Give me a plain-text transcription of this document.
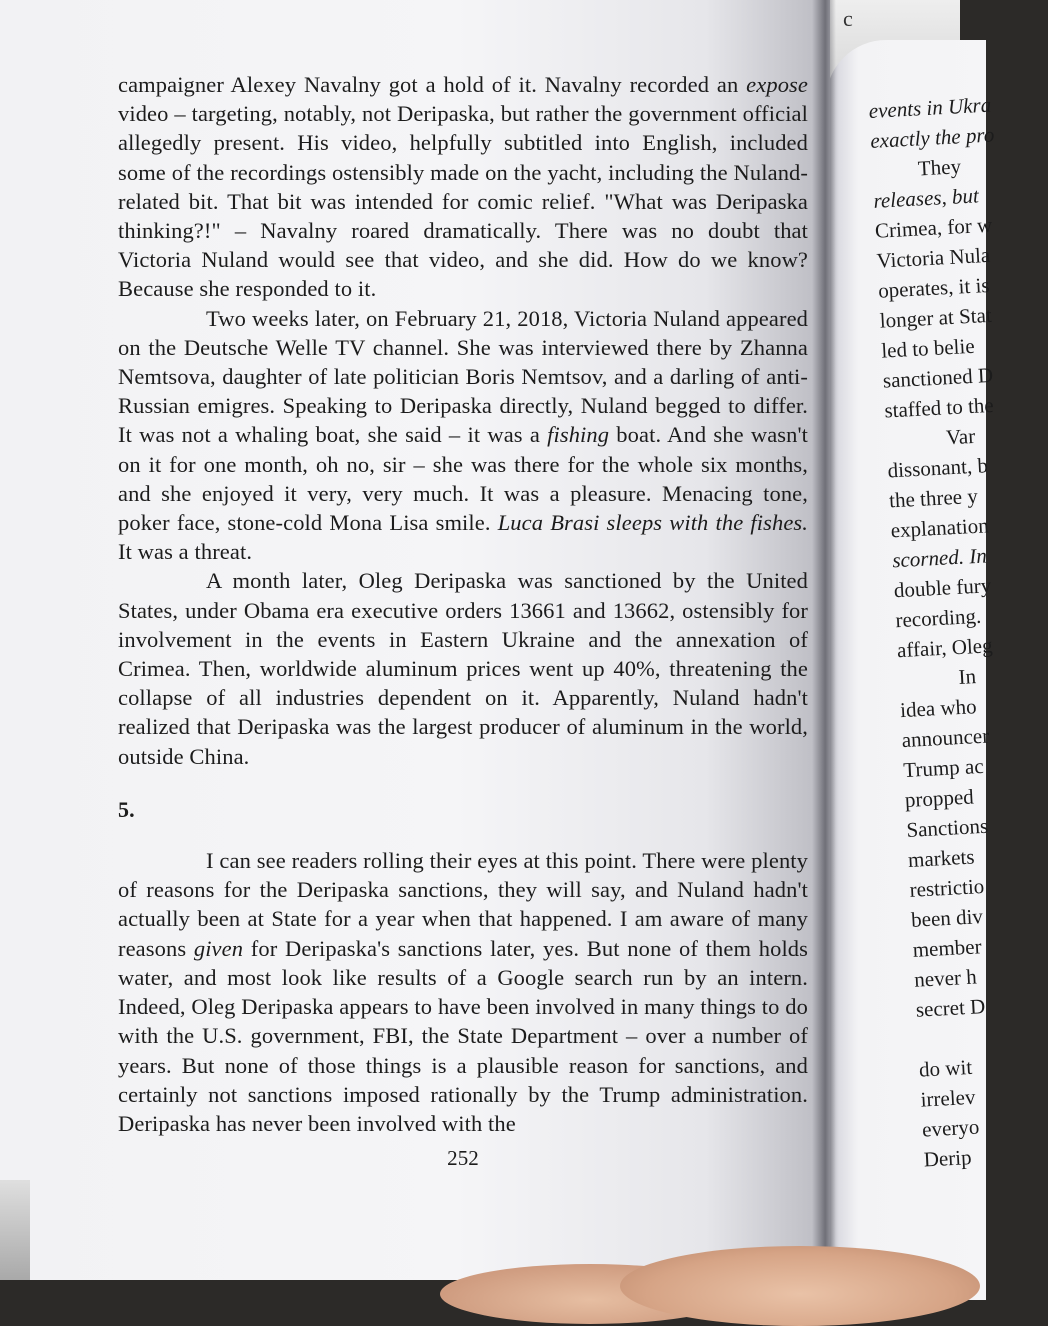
c

campaigner Alexey Navalny got a hold of it. Navalny recorded an expose video – targeting, notably, not Deripaska, but rather the government official allegedly present. His video, helpfully subtitled into English, included some of the recordings ostensibly made on the yacht, including the Nuland-related bit. That bit was intended for comic relief. "What was Deripaska thinking?!" – Navalny roared dramatically. There was no doubt that Victoria Nuland would see that video, and she did. How do we know? Because she responded to it.

Two weeks later, on February 21, 2018, Victoria Nuland appeared on the Deutsche Welle TV channel. She was interviewed there by Zhanna Nemtsova, daughter of late politician Boris Nemtsov, and a darling of anti-Russian emigres. Speaking to Deripaska directly, Nuland begged to differ. It was not a whaling boat, she said – it was a fishing boat. And she wasn't on it for one month, oh no, sir – she was there for the whole six months, and she enjoyed it very, very much. It was a pleasure. Menacing tone, poker face, stone-cold Mona Lisa smile. Luca Brasi sleeps with the fishes. It was a threat.

A month later, Oleg Deripaska was sanctioned by the United States, under Obama era executive orders 13661 and 13662, ostensibly for involvement in the events in Eastern Ukraine and the annexation of Crimea. Then, worldwide aluminum prices went up 40%, threatening the collapse of all industries dependent on it. Apparently, Nuland hadn't realized that Deripaska was the largest producer of aluminum in the world, outside China.

5.

I can see readers rolling their eyes at this point. There were plenty of reasons for the Deripaska sanctions, they will say, and Nuland hadn't actually been at State for a year when that happened. I am aware of many reasons given for Deripaska's sanctions later, yes. But none of them holds water, and most look like results of a Google search run by an intern. Indeed, Oleg Deripaska appears to have been involved in many things to do with the U.S. government, FBI, the State Department – over a number of years. But none of those things is a plausible reason for sanctions, and certainly not sanctions imposed rationally by the Trump administration. Deripaska has never been involved with the

252
events in Ukra
exactly the pro
They
releases, but
Crimea, for w
Victoria Nula
operates, it is
longer at Stat
led to belie
sanctioned D
staffed to the
Var
dissonant, b
the three y
explanation
scorned. In
double fury
recording.
affair, Oleg
In
idea who
announcer
Trump ac
propped
Sanctions
markets
restrictio
been div
member
never h
secret D
do wit
irrelev
everyo
Derip
